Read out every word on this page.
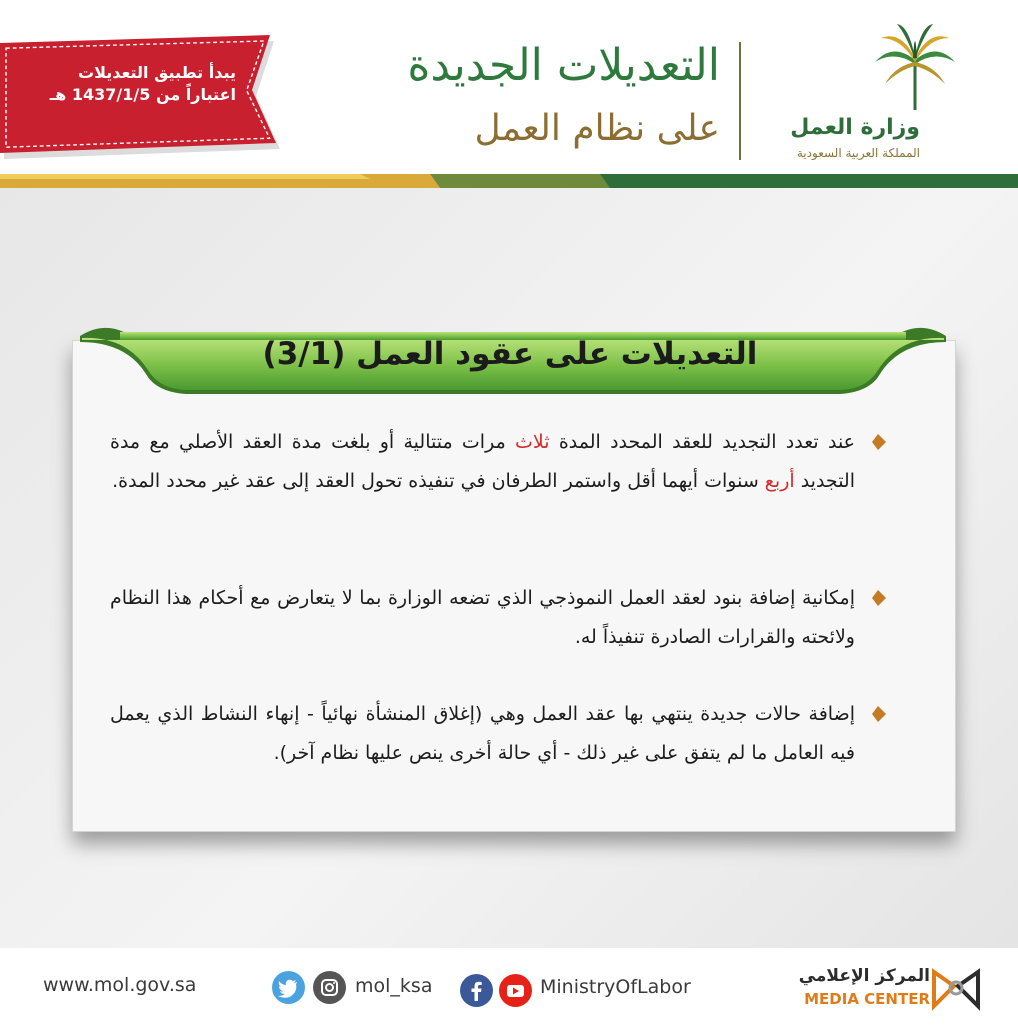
يبدأ تطبيق التعديلات
اعتباراً من 1437/1/5 هـ
التعديلات الجديدة
على نظام العمل	وزارة العمل
المملكة العربية السعودية
التعديلات على عقود العمل (3/1)
عند تعدد التجديد للعقد المحدد المدة ثلاث مرات متتالية أو بلغت مدة العقد الأصلي مع مدة التجديد أربع سنوات أيهما أقل واستمر الطرفان في تنفيذه تحول العقد إلى عقد غير محدد المدة.
إمكانية إضافة بنود لعقد العمل النموذجي الذي تضعه الوزارة بما لا يتعارض مع أحكام هذا النظام ولائحته والقرارات الصادرة تنفيذاً له.
إضافة حالات جديدة ينتهي بها عقد العمل وهي (إغلاق المنشأة نهائياً - إنهاء النشاط الذي يعمل فيه العامل ما لم يتفق على غير ذلك - أي حالة أخرى ينص عليها نظام آخر).
www.mol.gov.sa	mol_ksa	MinistryOfLabor	المركز الإعلامي
MEDIA CENTER
